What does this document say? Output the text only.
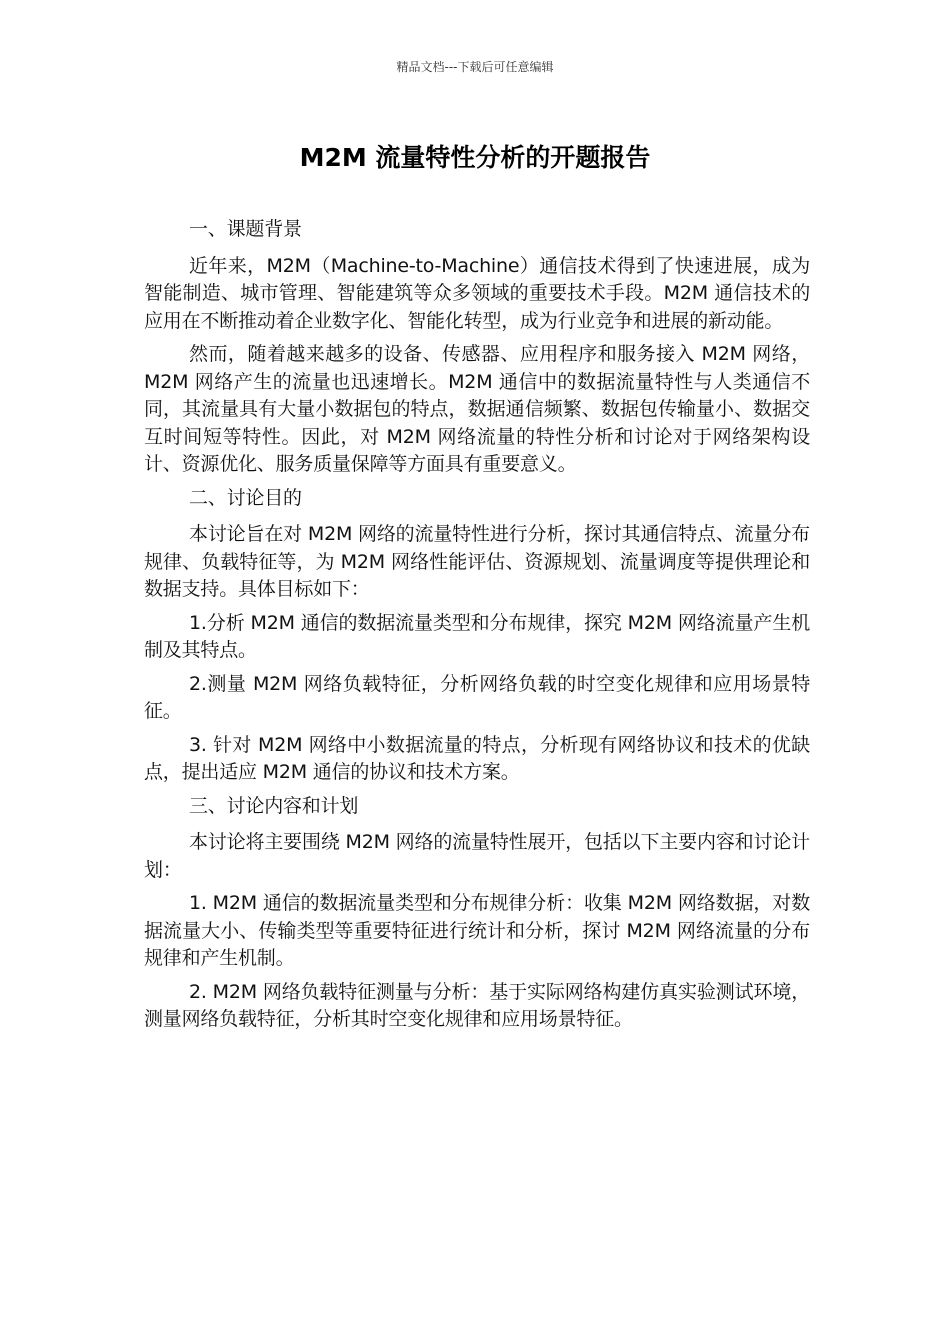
精品文档---下载后可任意编辑
M2M 流量特性分析的开题报告

一、课题背景

近年来，M2M（Machine-to-Machine）通信技术得到了快速进展，成为智能制造、城市管理、智能建筑等众多领域的重要技术手段。M2M 通信技术的应用在不断推动着企业数字化、智能化转型，成为行业竞争和进展的新动能。

然而，随着越来越多的设备、传感器、应用程序和服务接入 M2M 网络，M2M 网络产生的流量也迅速增长。M2M 通信中的数据流量特性与人类通信不同，其流量具有大量小数据包的特点，数据通信频繁、数据包传输量小、数据交互时间短等特性。因此，对 M2M 网络流量的特性分析和讨论对于网络架构设计、资源优化、服务质量保障等方面具有重要意义。

二、讨论目的

本讨论旨在对 M2M 网络的流量特性进行分析，探讨其通信特点、流量分布规律、负载特征等，为 M2M 网络性能评估、资源规划、流量调度等提供理论和数据支持。具体目标如下：

1.分析 M2M 通信的数据流量类型和分布规律，探究 M2M 网络流量产生机制及其特点。

2.测量 M2M 网络负载特征，分析网络负载的时空变化规律和应用场景特征。

3. 针对 M2M 网络中小数据流量的特点，分析现有网络协议和技术的优缺点，提出适应 M2M 通信的协议和技术方案。

三、讨论内容和计划

本讨论将主要围绕 M2M 网络的流量特性展开，包括以下主要内容和讨论计划：

1. M2M 通信的数据流量类型和分布规律分析：收集 M2M 网络数据，对数据流量大小、传输类型等重要特征进行统计和分析，探讨 M2M 网络流量的分布规律和产生机制。

2. M2M 网络负载特征测量与分析：基于实际网络构建仿真实验测试环境，测量网络负载特征，分析其时空变化规律和应用场景特征。
